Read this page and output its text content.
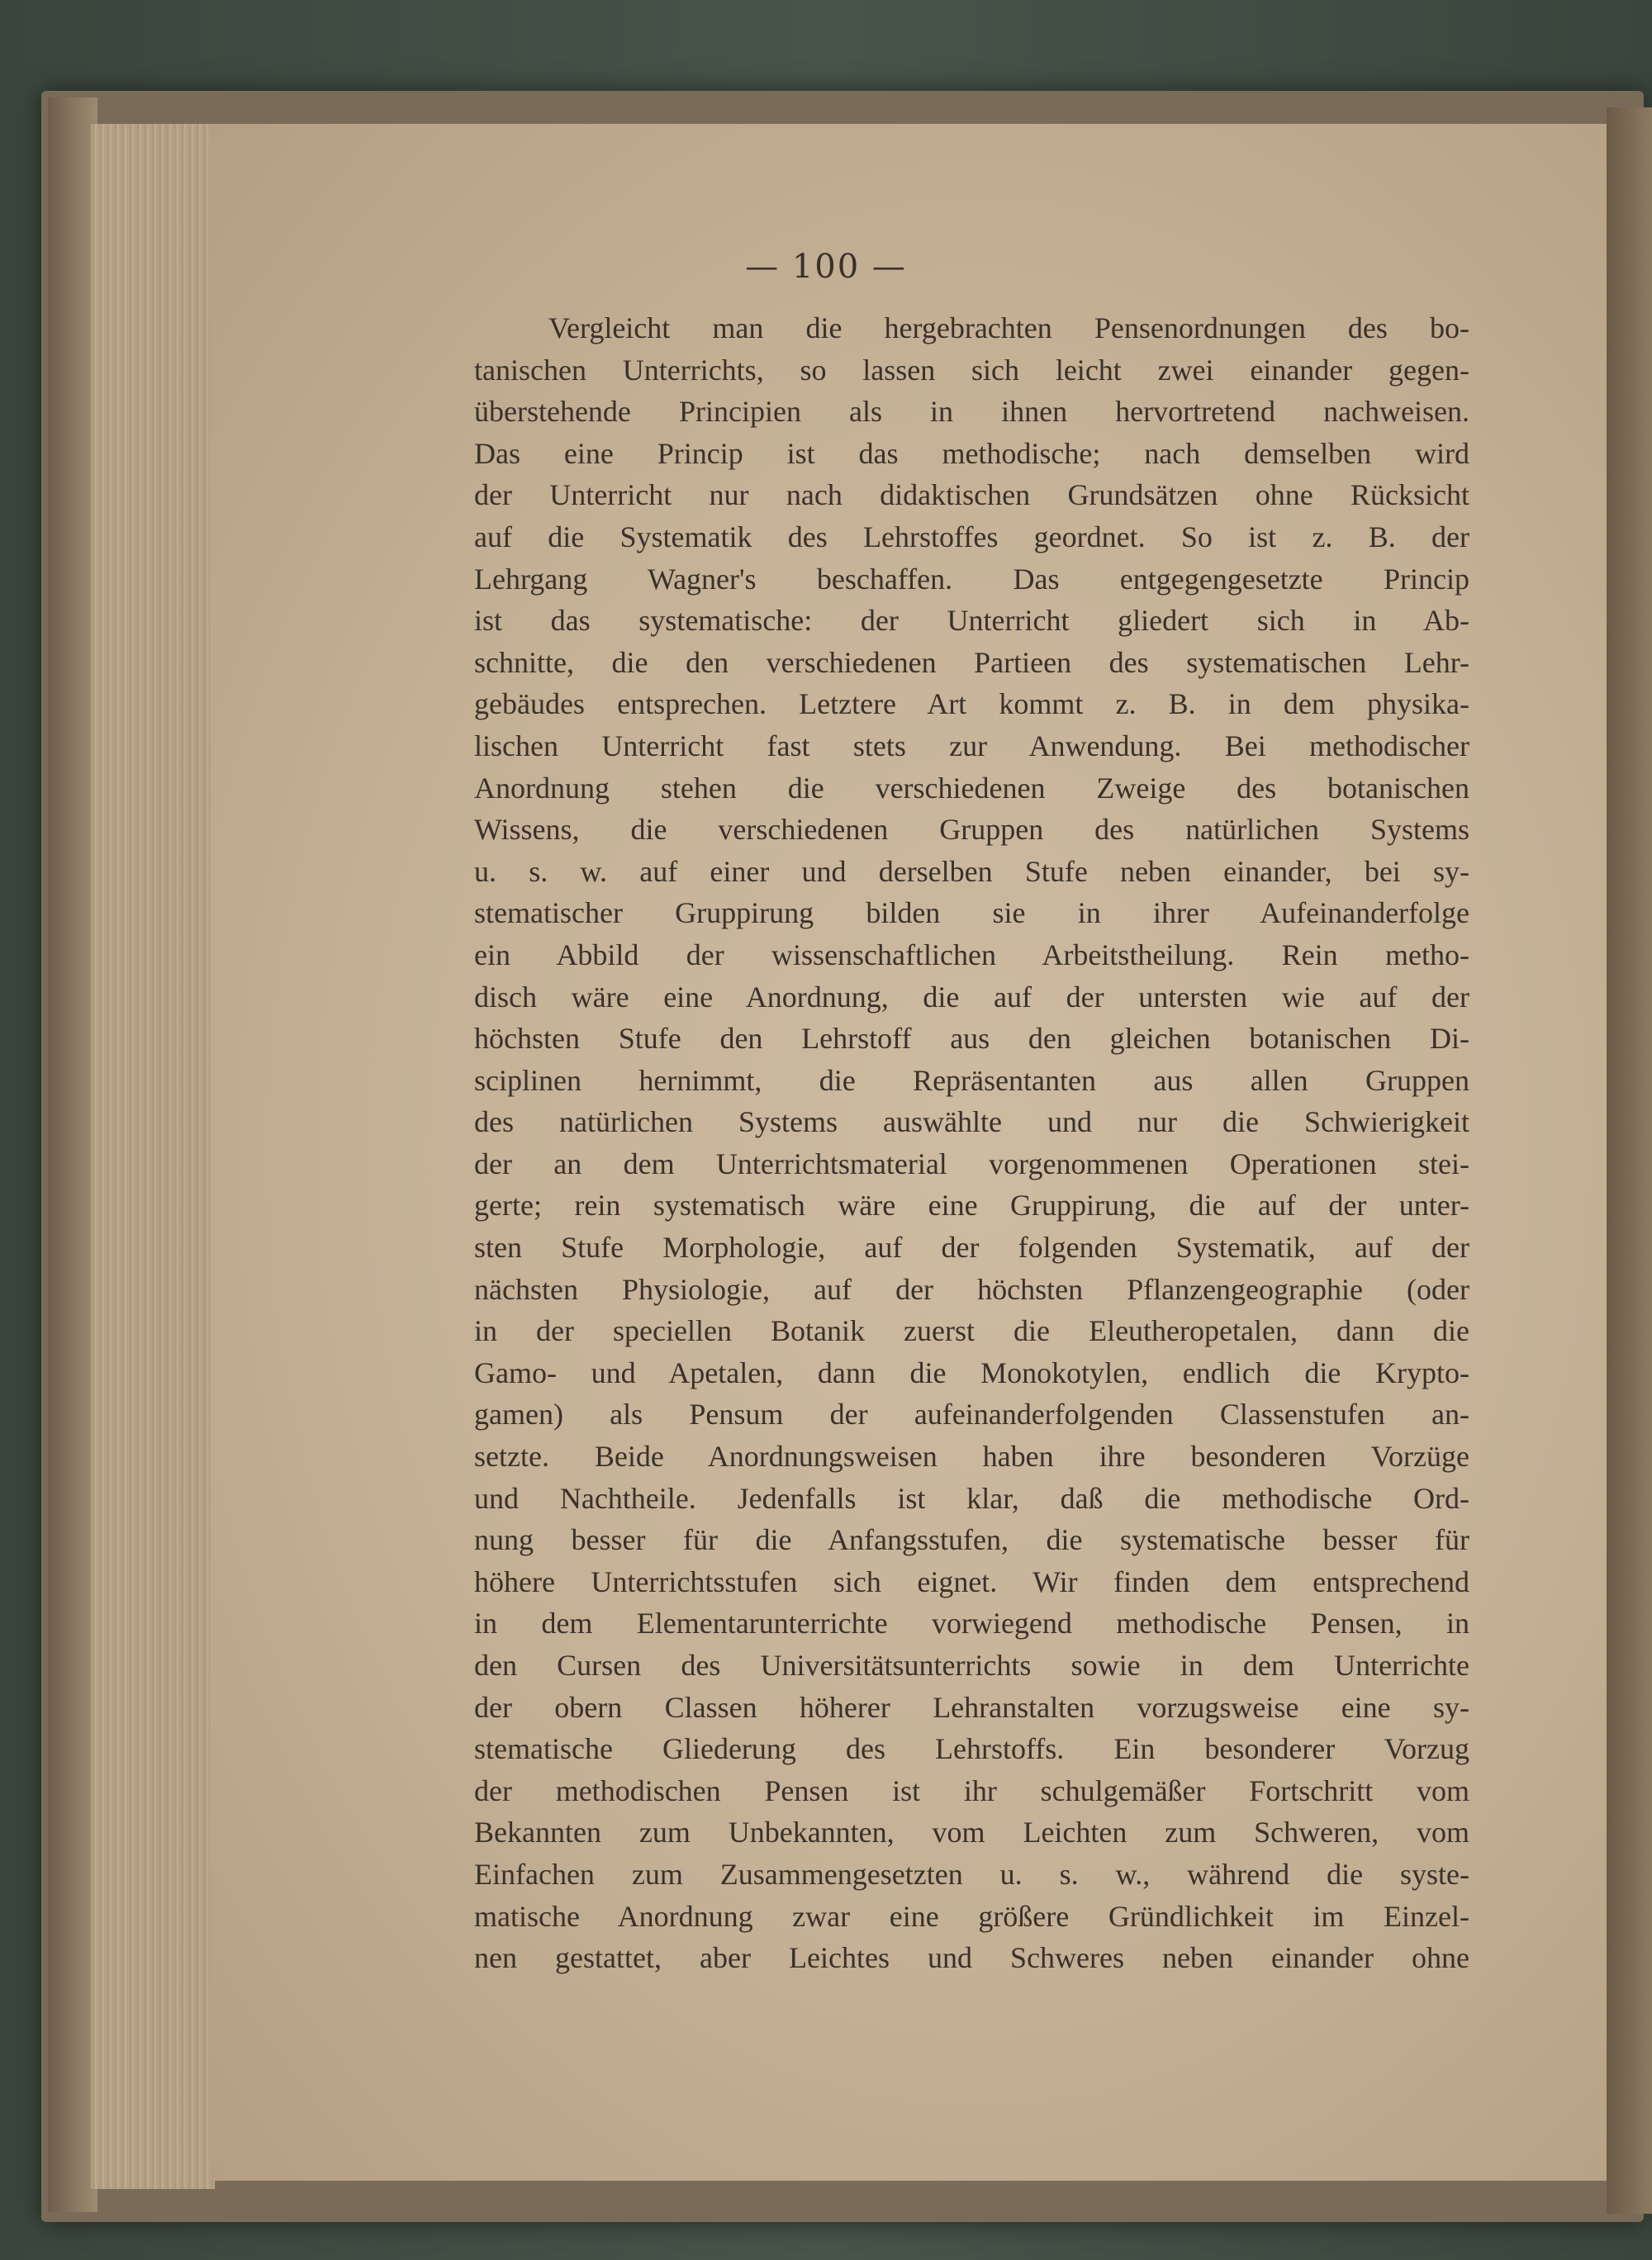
— 100 —
Vergleicht man die hergebrachten Pensenordnungen des bo-
tanischen Unterrichts, so lassen sich leicht zwei einander gegen-
überstehende Principien als in ihnen hervortretend nachweisen.
Das eine Princip ist das methodische; nach demselben wird
der Unterricht nur nach didaktischen Grundsätzen ohne Rücksicht
auf die Systematik des Lehrstoffes geordnet. So ist z. B. der
Lehrgang Wagner's beschaffen. Das entgegengesetzte Princip
ist das systematische: der Unterricht gliedert sich in Ab-
schnitte, die den verschiedenen Partieen des systematischen Lehr-
gebäudes entsprechen. Letztere Art kommt z. B. in dem physika-
lischen Unterricht fast stets zur Anwendung. Bei methodischer
Anordnung stehen die verschiedenen Zweige des botanischen
Wissens, die verschiedenen Gruppen des natürlichen Systems
u. s. w. auf einer und derselben Stufe neben einander, bei sy-
stematischer Gruppirung bilden sie in ihrer Aufeinanderfolge
ein Abbild der wissenschaftlichen Arbeitstheilung. Rein metho-
disch wäre eine Anordnung, die auf der untersten wie auf der
höchsten Stufe den Lehrstoff aus den gleichen botanischen Di-
sciplinen hernimmt, die Repräsentanten aus allen Gruppen
des natürlichen Systems auswählte und nur die Schwierigkeit
der an dem Unterrichtsmaterial vorgenommenen Operationen stei-
gerte; rein systematisch wäre eine Gruppirung, die auf der unter-
sten Stufe Morphologie, auf der folgenden Systematik, auf der
nächsten Physiologie, auf der höchsten Pflanzengeographie (oder
in der speciellen Botanik zuerst die Eleutheropetalen, dann die
Gamo- und Apetalen, dann die Monokotylen, endlich die Krypto-
gamen) als Pensum der aufeinanderfolgenden Classenstufen an-
setzte. Beide Anordnungsweisen haben ihre besonderen Vorzüge
und Nachtheile. Jedenfalls ist klar, daß die methodische Ord-
nung besser für die Anfangsstufen, die systematische besser für
höhere Unterrichtsstufen sich eignet. Wir finden dem entsprechend
in dem Elementarunterrichte vorwiegend methodische Pensen, in
den Cursen des Universitätsunterrichts sowie in dem Unterrichte
der obern Classen höherer Lehranstalten vorzugsweise eine sy-
stematische Gliederung des Lehrstoffs. Ein besonderer Vorzug
der methodischen Pensen ist ihr schulgemäßer Fortschritt vom
Bekannten zum Unbekannten, vom Leichten zum Schweren, vom
Einfachen zum Zusammengesetzten u. s. w., während die syste-
matische Anordnung zwar eine größere Gründlichkeit im Einzel-
nen gestattet, aber Leichtes und Schweres neben einander ohne
